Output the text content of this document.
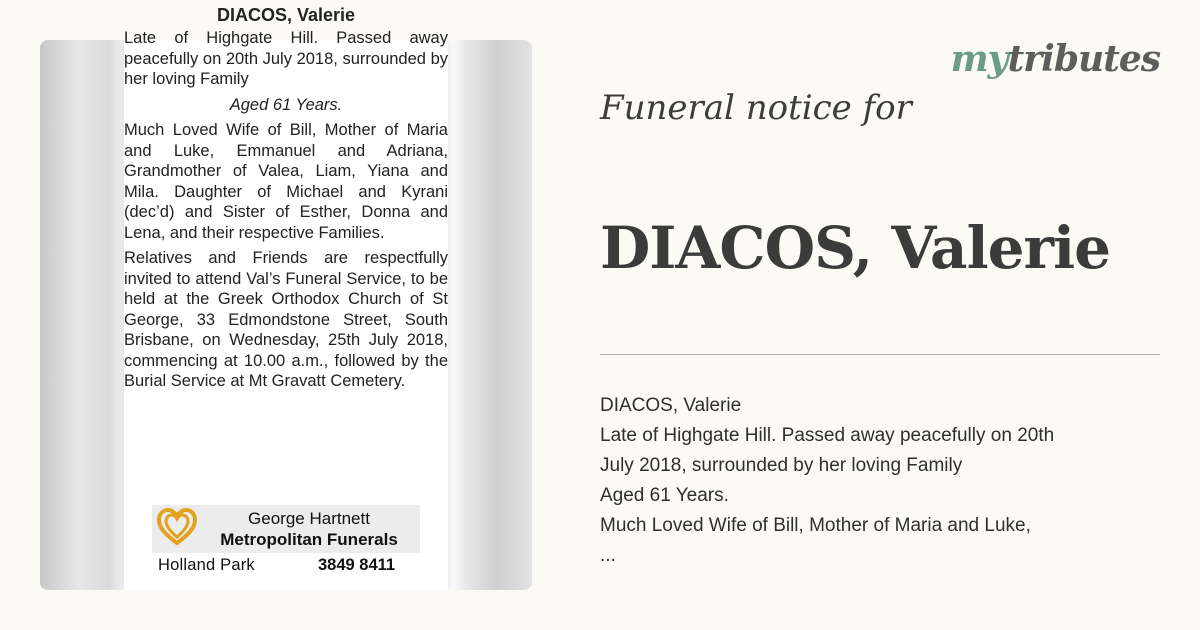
DIACOS, Valerie
Late of Highgate Hill. Passed away peacefully on 20th July 2018, surrounded by her loving Family
Aged 61 Years.
Much Loved Wife of Bill, Mother of Maria and Luke, Emmanuel and Adriana, Grandmother of Valea, Liam, Yiana and Mila. Daughter of Michael and Kyrani (dec’d) and Sister of Esther, Donna and Lena, and their respective Families.
Relatives and Friends are respectfully invited to attend Val’s Funeral Service, to be held at the Greek Orthodox Church of St George, 33 Edmondstone Street, South Brisbane, on Wednesday, 25th July 2018, commencing at 10.00 a.m., followed by the Burial Service at Mt Gravatt Cemetery.
George Hartnett
Metropolitan Funerals
Holland Park	3849 8411
mytributes
Funeral notice for
DIACOS, Valerie
DIACOS, Valerie
Late of Highgate Hill. Passed away peacefully on 20th
July 2018, surrounded by her loving Family
Aged 61 Years.
Much Loved Wife of Bill, Mother of Maria and Luke,
...
